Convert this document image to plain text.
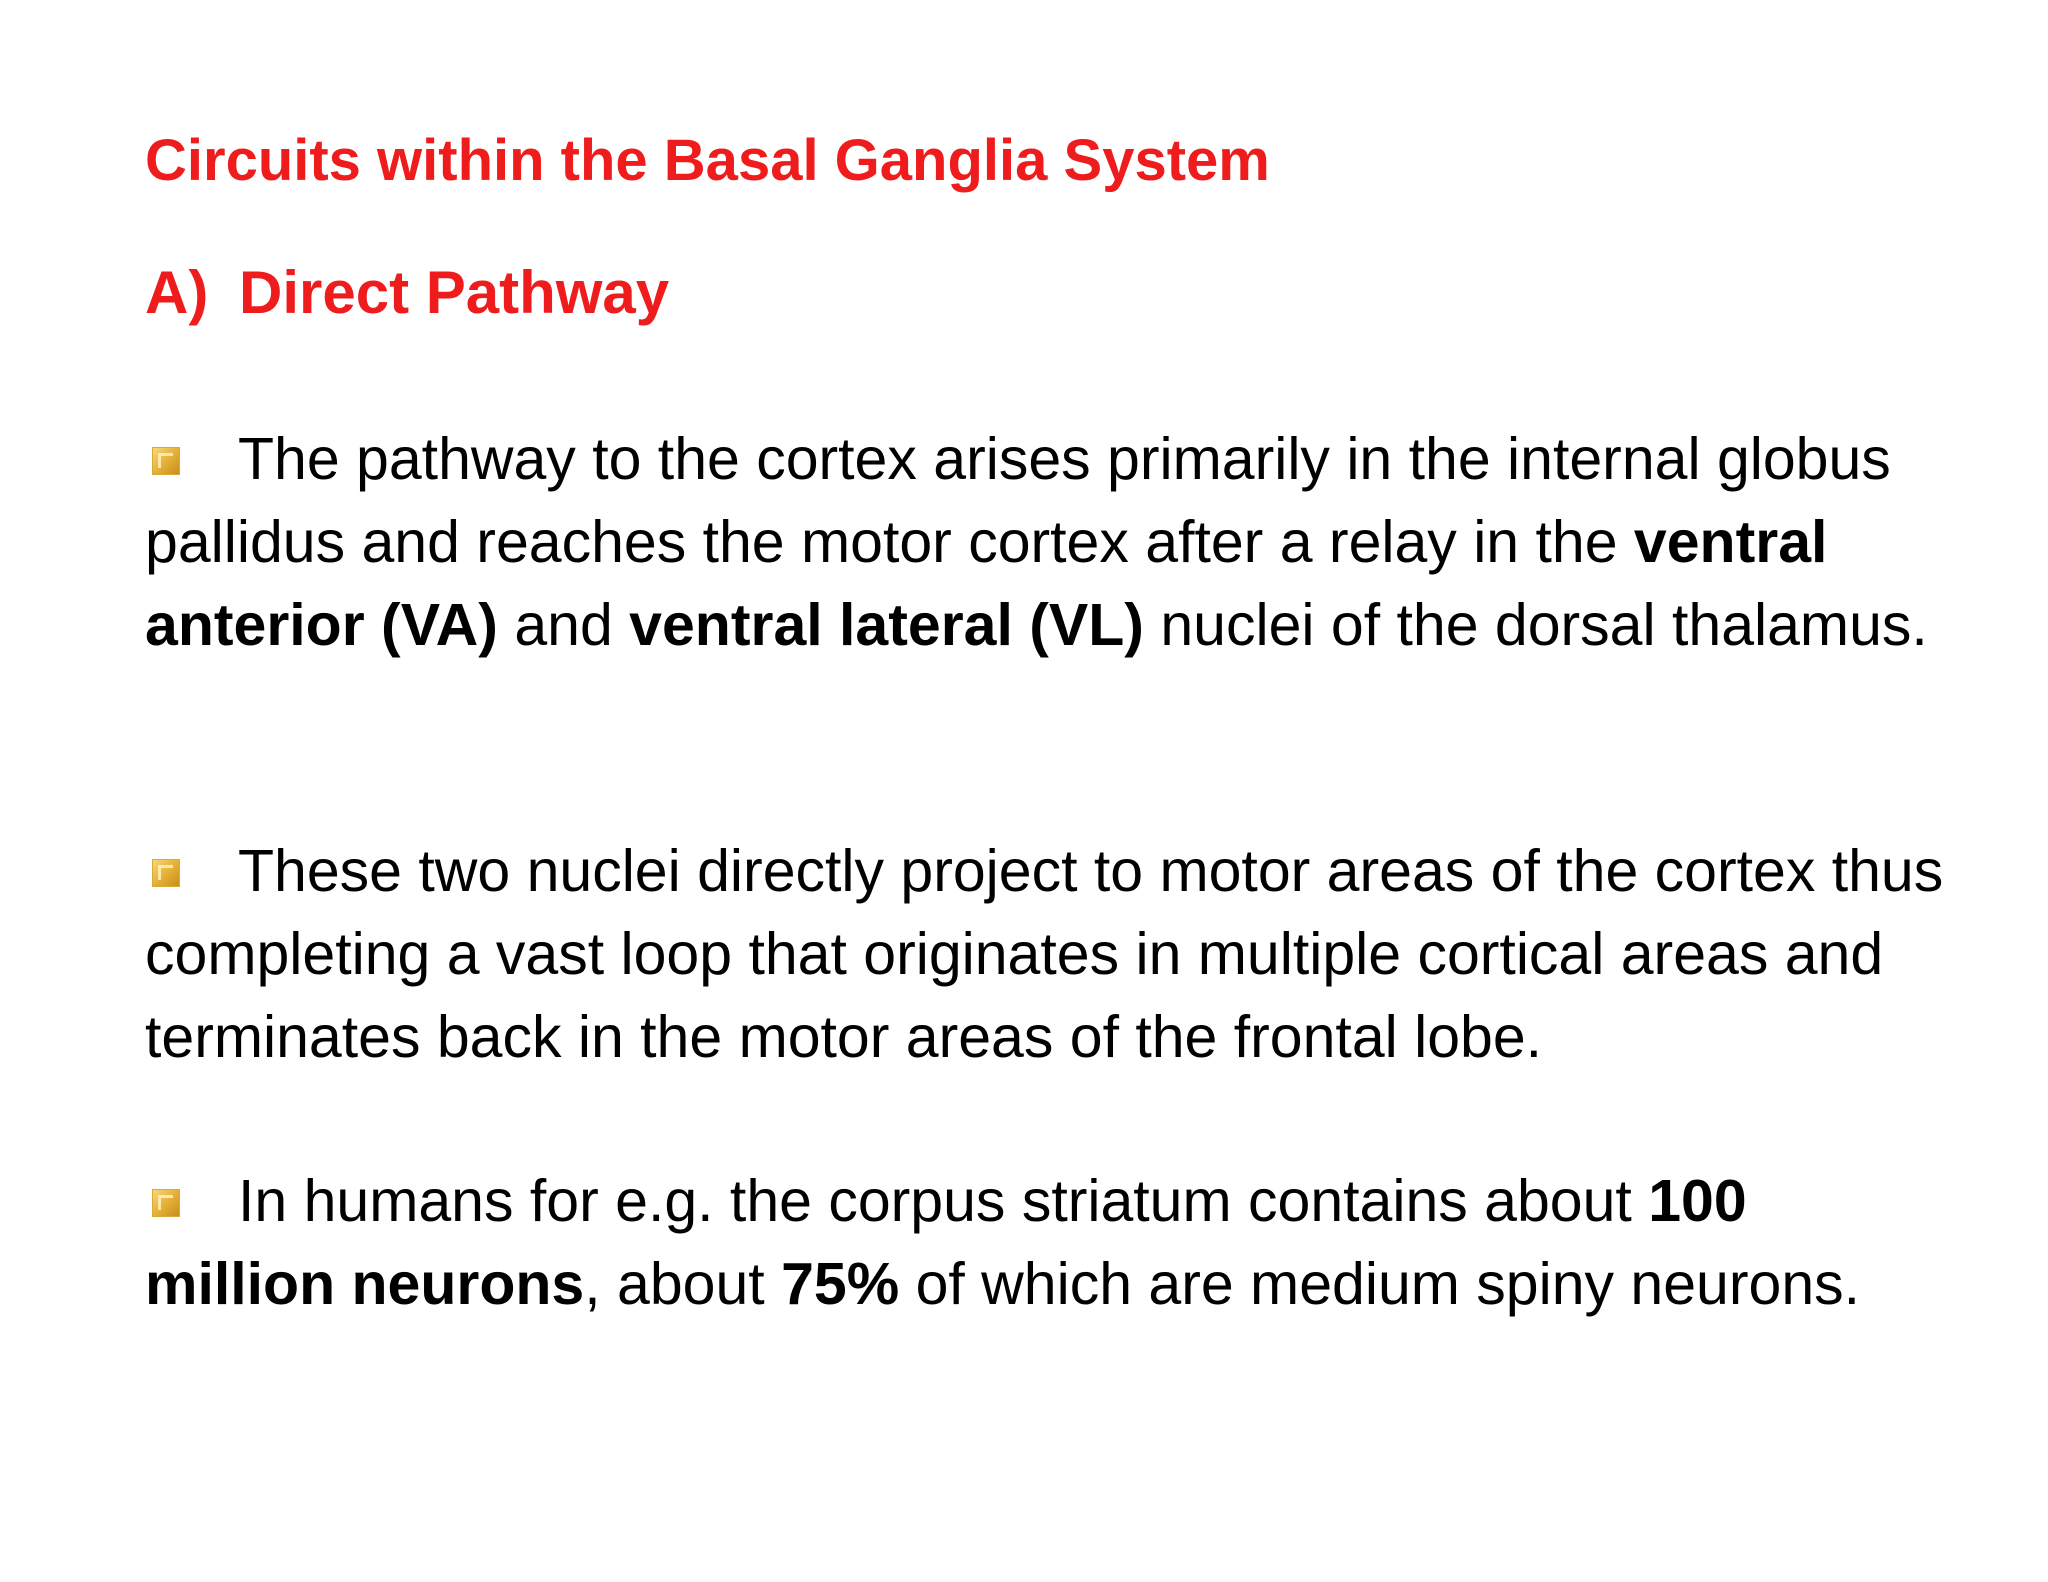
Circuits within the Basal Ganglia System
A) Direct Pathway

The pathway to the cortex arises primarily in the internal globus pallidus and reaches the motor cortex after a relay in the ventral anterior (VA) and ventral lateral (VL) nuclei of the dorsal thalamus.

These two nuclei directly project to motor areas of the cortex thus completing a vast loop that originates in multiple cortical areas and terminates back in the motor areas of the frontal lobe.

In humans for e.g. the corpus striatum contains about 100 million neurons, about 75% of which are medium spiny neurons.
